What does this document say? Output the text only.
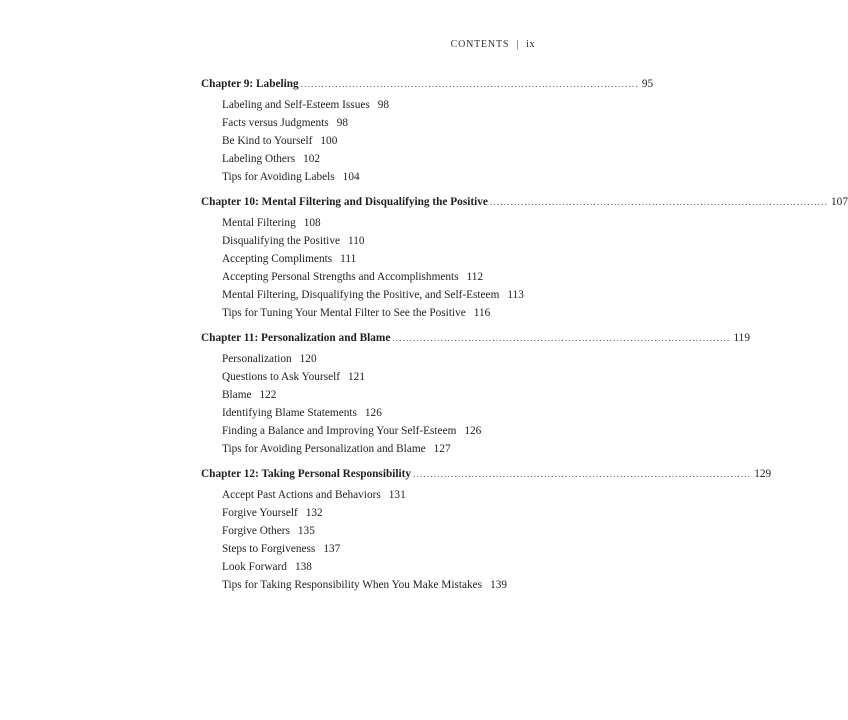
CONTENTS | ix
Chapter 9: Labeling .................................................................................................. 95
Labeling and Self-Esteem Issues 98
Facts versus Judgments 98
Be Kind to Yourself 100
Labeling Others 102
Tips for Avoiding Labels 104
Chapter 10: Mental Filtering and Disqualifying the Positive .................................................................................................. 107
Mental Filtering 108
Disqualifying the Positive 110
Accepting Compliments 111
Accepting Personal Strengths and Accomplishments 112
Mental Filtering, Disqualifying the Positive, and Self-Esteem 113
Tips for Tuning Your Mental Filter to See the Positive 116
Chapter 11: Personalization and Blame .................................................................................................. 119
Personalization 120
Questions to Ask Yourself 121
Blame 122
Identifying Blame Statements 126
Finding a Balance and Improving Your Self-Esteem 126
Tips for Avoiding Personalization and Blame 127
Chapter 12: Taking Personal Responsibility .................................................................................................. 129
Accept Past Actions and Behaviors 131
Forgive Yourself 132
Forgive Others 135
Steps to Forgiveness 137
Look Forward 138
Tips for Taking Responsibility When You Make Mistakes 139
